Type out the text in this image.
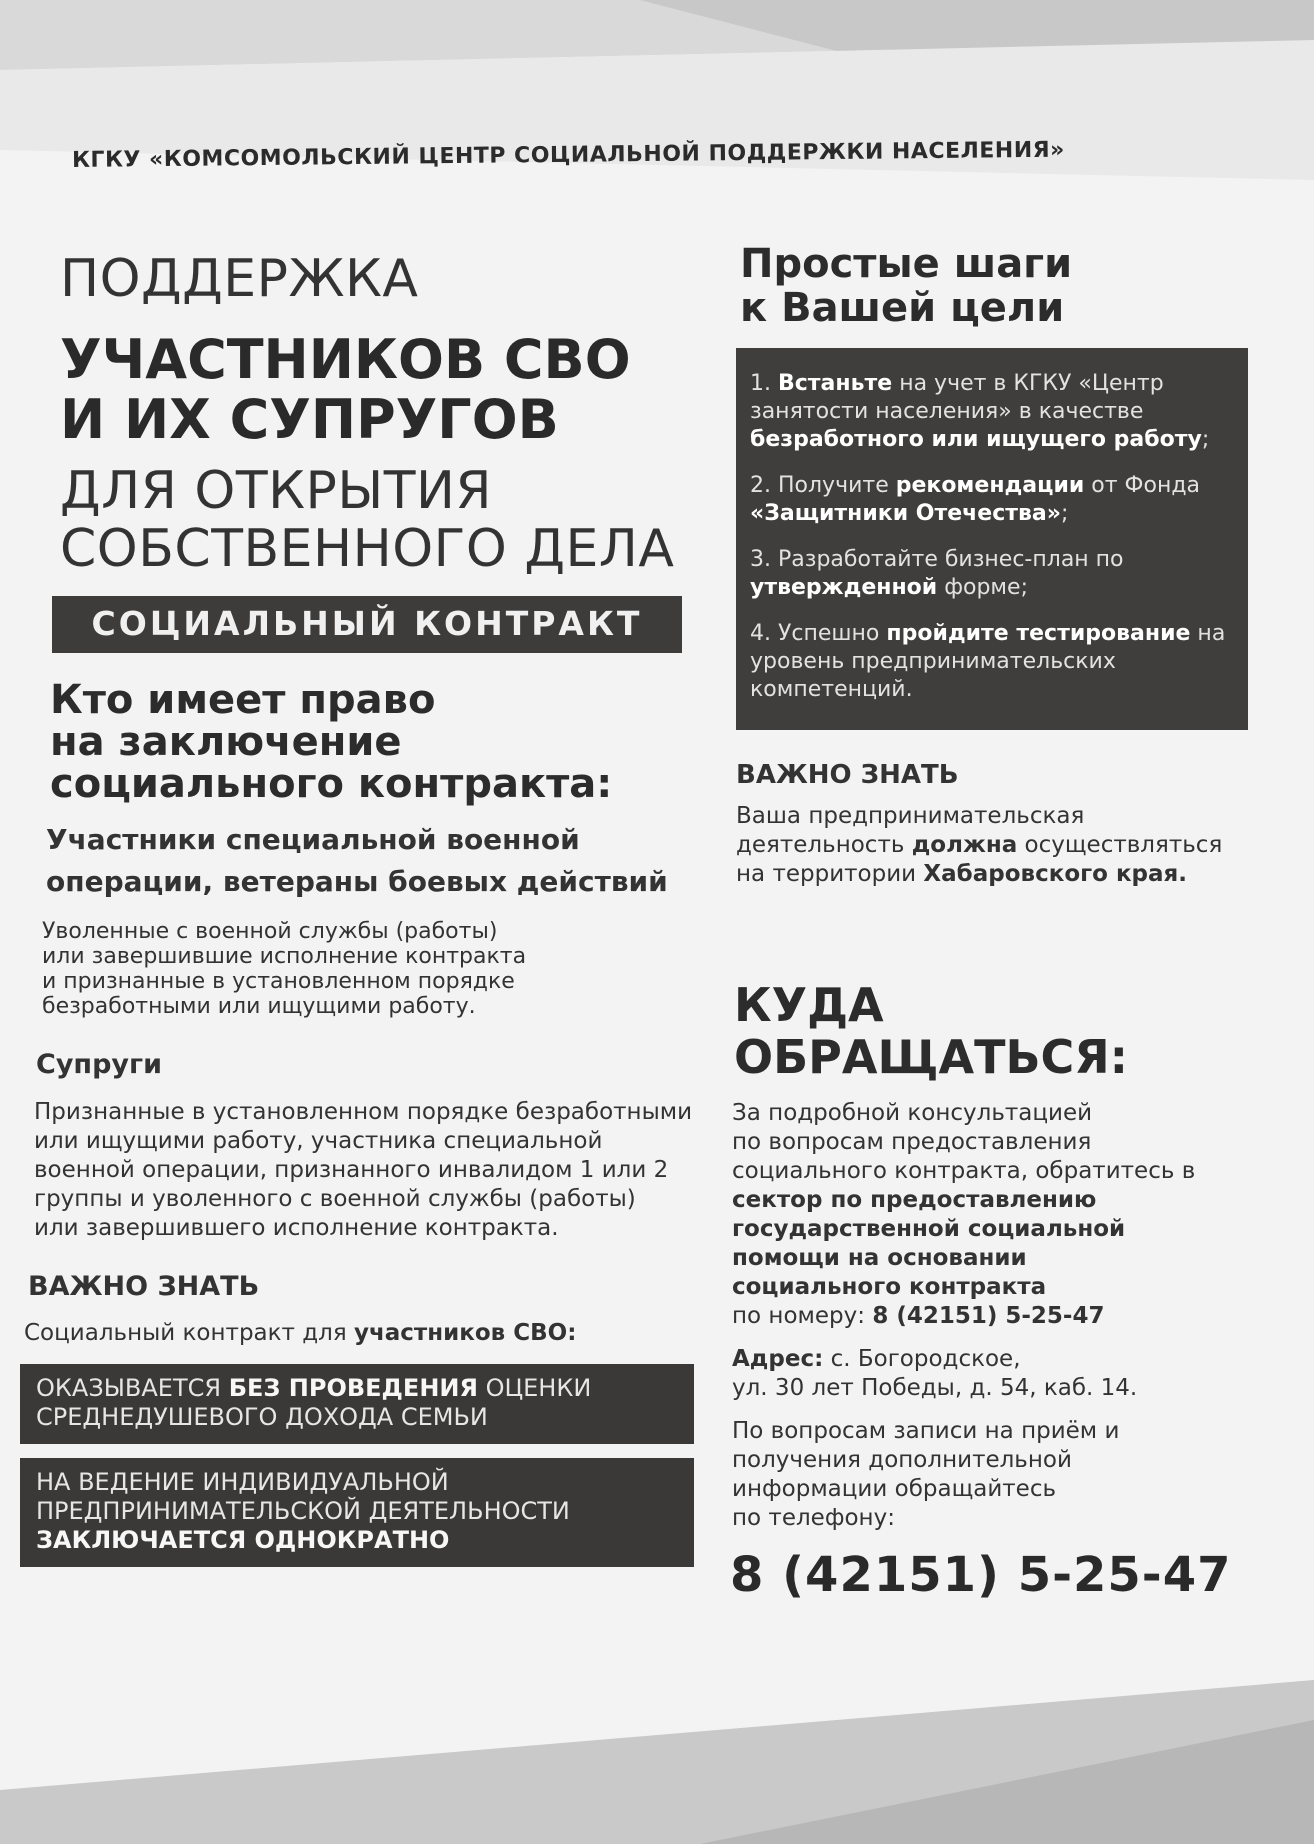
КГКУ «КОМСОМОЛЬСКИЙ ЦЕНТР СОЦИАЛЬНОЙ ПОДДЕРЖКИ НАСЕЛЕНИЯ»

ПОДДЕРЖКА

УЧАСТНИКОВ СВО

И ИХ СУПРУГОВ

ДЛЯ ОТКРЫТИЯ

СОБСТВЕННОГО ДЕЛА

СОЦИАЛЬНЫЙ КОНТРАКТ
Кто имеет право
на заключение
социального контракта:
Участники специальной военной
операции, ветераны боевых действий
Уволенные с военной службы (работы)
или завершившие исполнение контракта
и признанные в установленном порядке
безработными или ищущими работу.
Супруги
Признанные в установленном порядке безработными
или ищущими работу, участника специальной
военной операции, признанного инвалидом 1 или 2
группы и уволенного с военной службы (работы)
или завершившего исполнение контракта.
ВАЖНО ЗНАТЬ
Социальный контракт для участников СВО:
ОКАЗЫВАЕТСЯ БЕЗ ПРОВЕДЕНИЯ ОЦЕНКИ
СРЕДНЕДУШЕВОГО ДОХОДА СЕМЬИ
НА ВЕДЕНИЕ ИНДИВИДУАЛЬНОЙ
ПРЕДПРИНИМАТЕЛЬСКОЙ ДЕЯТЕЛЬНОСТИ
ЗАКЛЮЧАЕТСЯ ОДНОКРАТНО
Простые шаги
к Вашей цели
1. Встаньте на учет в КГКУ «Центр занятости населения» в качестве безработного или ищущего работу;
2. Получите рекомендации от Фонда «Защитники Отечества»;
3. Разработайте бизнес-план по утвержденной форме;
4. Успешно пройдите тестирование на уровень предпринимательских компетенций.
ВАЖНО ЗНАТЬ
Ваша предпринимательская
деятельность должна осуществляться
на территории Хабаровского края.
КУДА
ОБРАЩАТЬСЯ:
За подробной консультацией
по вопросам предоставления
социального контракта, обратитесь в
сектор по предоставлению
государственной социальной
помощи на основании
социального контракта
по номеру: 8 (42151) 5-25-47
Адрес: с. Богородское,
ул. 30 лет Победы, д. 54, каб. 14.
По вопросам записи на приём и
получения дополнительной
информации обращайтесь
по телефону:
8 (42151) 5-25-47
